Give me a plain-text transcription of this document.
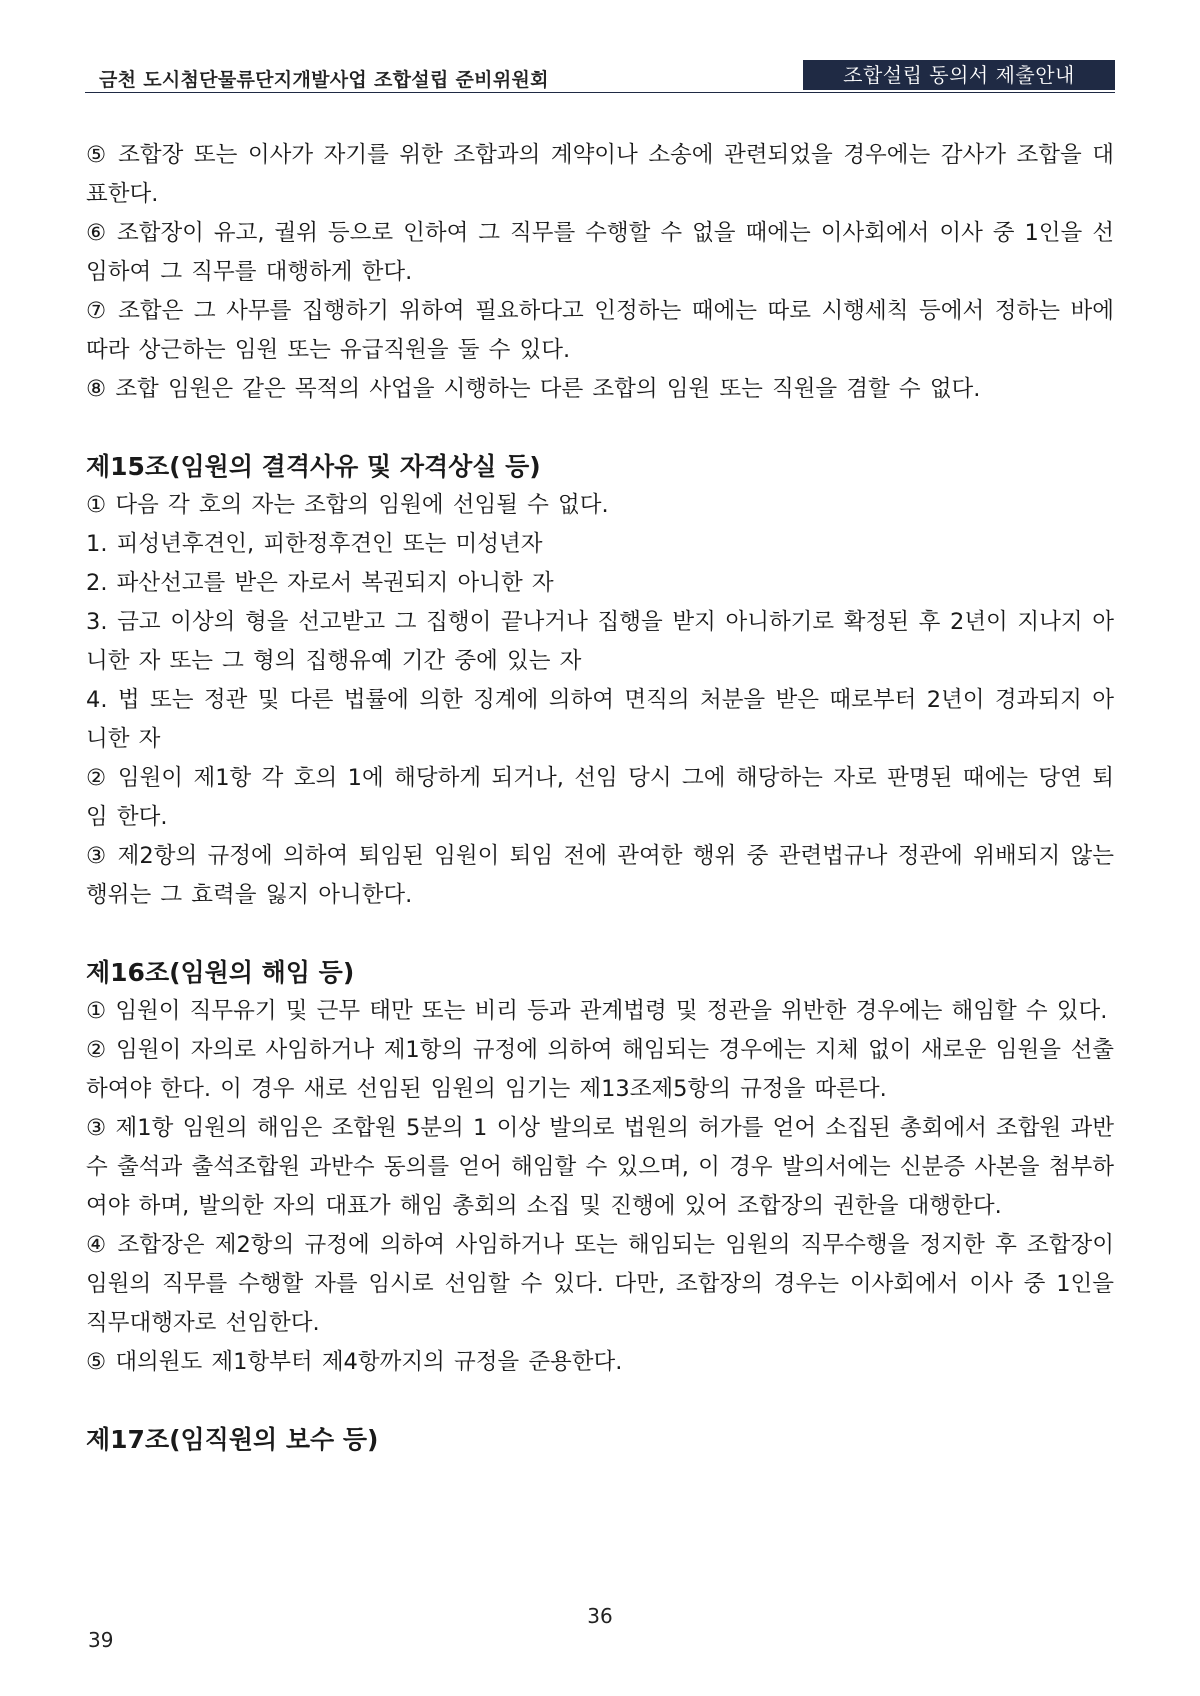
금천 도시첨단물류단지개발사업 조합설립 준비위원회	조합설립 동의서 제출안내

⑤ 조합장 또는 이사가 자기를 위한 조합과의 계약이나 소송에 관련되었을 경우에는 감사가 조합을 대표한다.

⑥ 조합장이 유고, 궐위 등으로 인하여 그 직무를 수행할 수 없을 때에는 이사회에서 이사 중 1인을 선임하여 그 직무를 대행하게 한다.

⑦ 조합은 그 사무를 집행하기 위하여 필요하다고 인정하는 때에는 따로 시행세칙 등에서 정하는 바에 따라 상근하는 임원 또는 유급직원을 둘 수 있다.

⑧ 조합 임원은 같은 목적의 사업을 시행하는 다른 조합의 임원 또는 직원을 겸할 수 없다.

제15조(임원의 결격사유 및 자격상실 등)

① 다음 각 호의 자는 조합의 임원에 선임될 수 없다.

1. 피성년후견인, 피한정후견인 또는 미성년자

2. 파산선고를 받은 자로서 복권되지 아니한 자

3. 금고 이상의 형을 선고받고 그 집행이 끝나거나 집행을 받지 아니하기로 확정된 후 2년이 지나지 아니한 자 또는 그 형의 집행유예 기간 중에 있는 자

4. 법 또는 정관 및 다른 법률에 의한 징계에 의하여 면직의 처분을 받은 때로부터 2년이 경과되지 아니한 자

② 임원이 제1항 각 호의 1에 해당하게 되거나, 선임 당시 그에 해당하는 자로 판명된 때에는 당연 퇴임 한다.

③ 제2항의 규정에 의하여 퇴임된 임원이 퇴임 전에 관여한 행위 중 관련법규나 정관에 위배되지 않는 행위는 그 효력을 잃지 아니한다.

제16조(임원의 해임 등)

① 임원이 직무유기 및 근무 태만 또는 비리 등과 관계법령 및 정관을 위반한 경우에는 해임할 수 있다.

② 임원이 자의로 사임하거나 제1항의 규정에 의하여 해임되는 경우에는 지체 없이 새로운 임원을 선출하여야 한다. 이 경우 새로 선임된 임원의 임기는 제13조제5항의 규정을 따른다.

③ 제1항 임원의 해임은 조합원 5분의 1 이상 발의로 법원의 허가를 얻어 소집된 총회에서 조합원 과반수 출석과 출석조합원 과반수 동의를 얻어 해임할 수 있으며, 이 경우 발의서에는 신분증 사본을 첨부하여야 하며, 발의한 자의 대표가 해임 총회의 소집 및 진행에 있어 조합장의 권한을 대행한다.

④ 조합장은 제2항의 규정에 의하여 사임하거나 또는 해임되는 임원의 직무수행을 정지한 후 조합장이 임원의 직무를 수행할 자를 임시로 선임할 수 있다. 다만, 조합장의 경우는 이사회에서 이사 중 1인을 직무대행자로 선임한다.

⑤ 대의원도 제1항부터 제4항까지의 규정을 준용한다.

제17조(임직원의 보수 등)

36
39
